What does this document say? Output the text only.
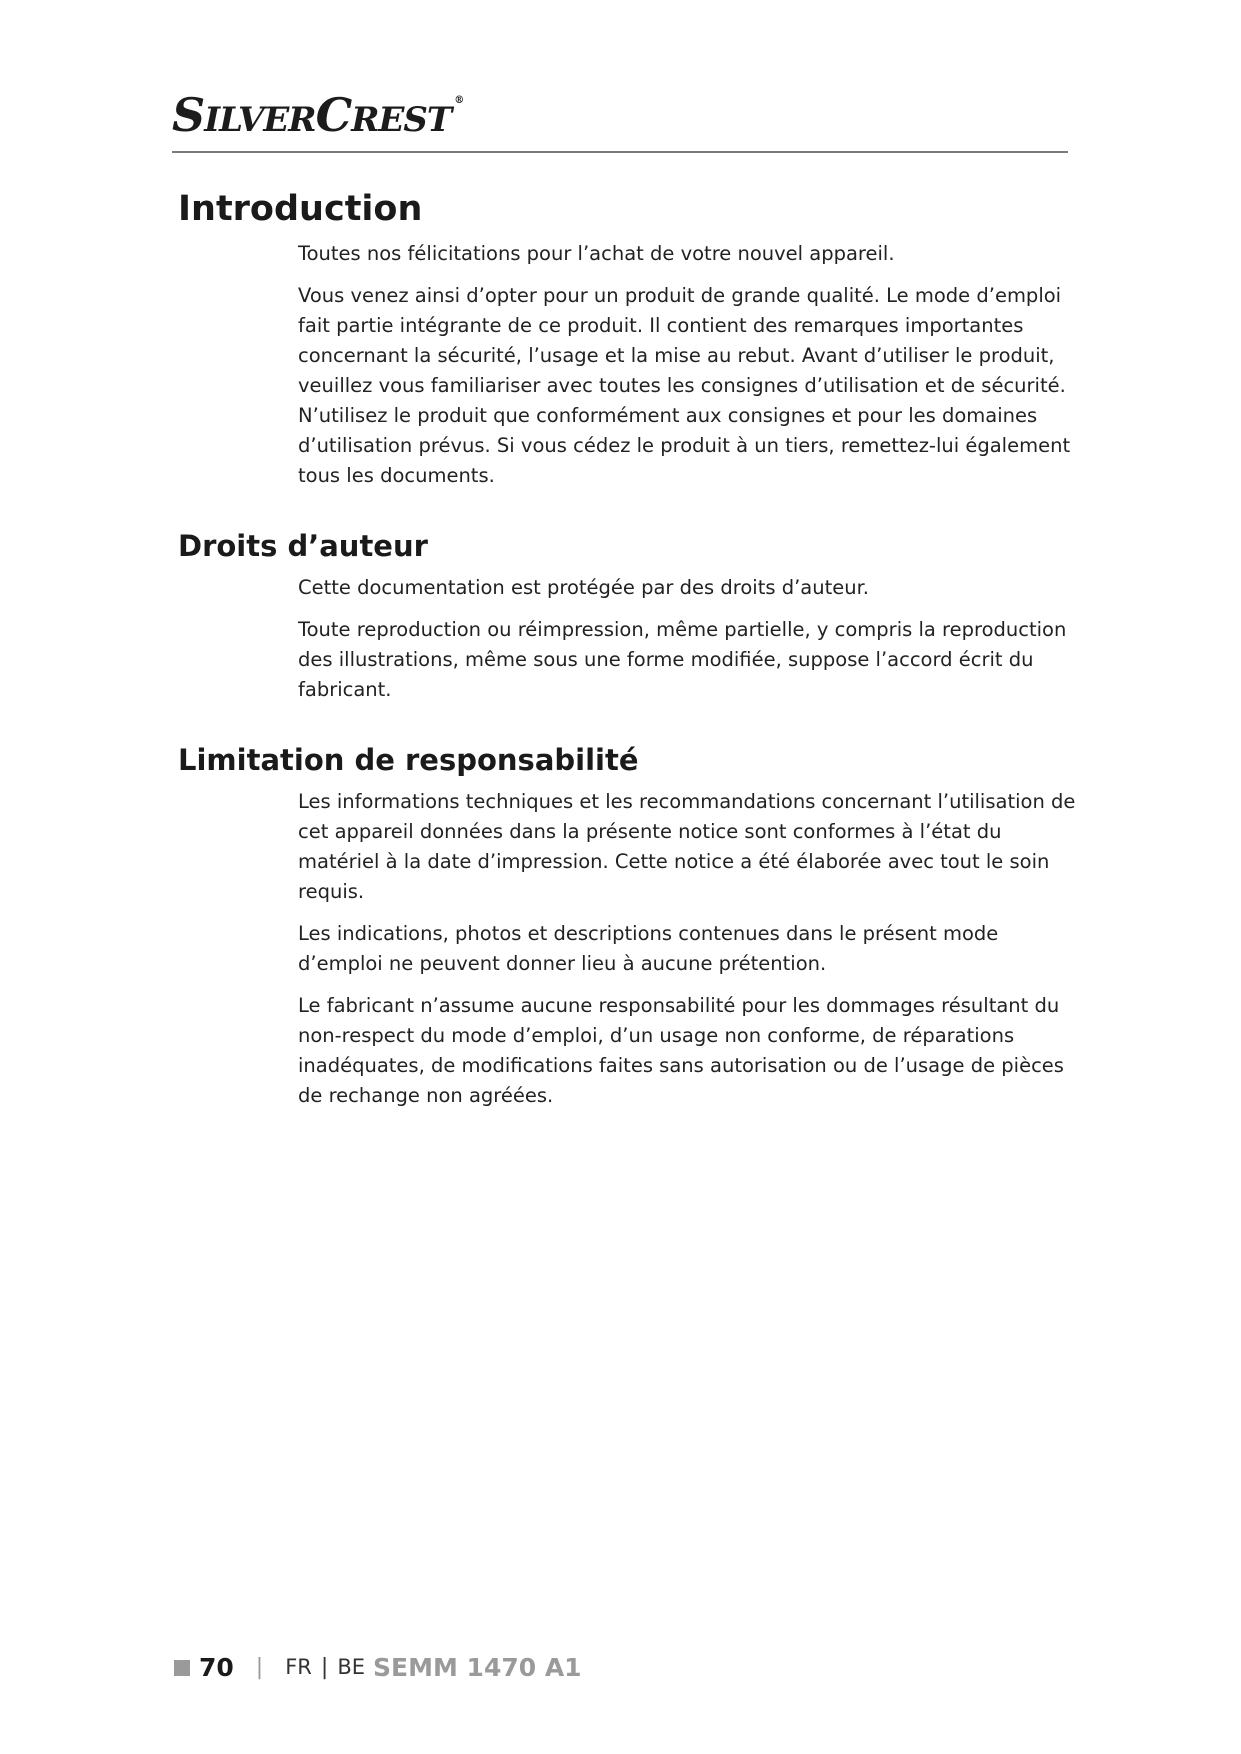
SILVERCREST ®
Introduction

Toutes nos félicitations pour l’achat de votre nouvel appareil.

Vous venez ainsi d’opter pour un produit de grande qualité. Le mode d’emploi fait partie intégrante de ce produit. Il contient des remarques importantes concernant la sécurité, l’usage et la mise au rebut. Avant d’utiliser le produit, veuillez vous familiariser avec toutes les consignes d’utilisation et de sécurité. N’utilisez le produit que conformément aux consignes et pour les domaines d’utilisation prévus. Si vous cédez le produit à un tiers, remettez-lui également tous les documents.

Droits d’auteur

Cette documentation est protégée par des droits d’auteur.

Toute reproduction ou réimpression, même partielle, y compris la reproduction des illustrations, même sous une forme modifiée, suppose l’accord écrit du fabricant.

Limitation de responsabilité

Les informations techniques et les recommandations concernant l’utilisation de cet appareil données dans la présente notice sont conformes à l’état du matériel à la date d’impression. Cette notice a été élaborée avec tout le soin requis.

Les indications, photos et descriptions contenues dans le présent mode d’emploi ne peuvent donner lieu à aucune prétention.

Le fabricant n’assume aucune responsabilité pour les dommages résultant du non-respect du mode d’emploi, d’un usage non conforme, de réparations inadéquates, de modifications faites sans autorisation ou de l’usage de pièces de rechange non agréées.

70 | FR | BE SEMM 1470 A1
